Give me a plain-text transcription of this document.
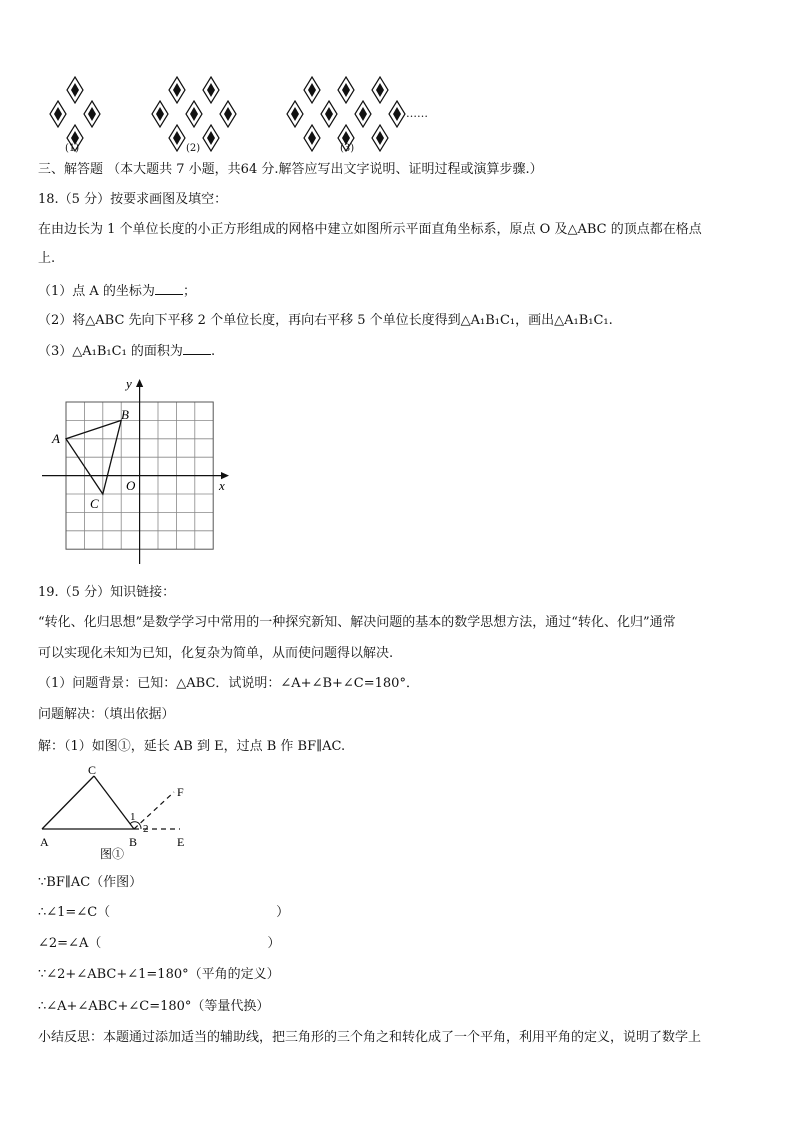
(1)	(2)	(3)
……
三、解答题 （本大题共 7 小题，共64 分.解答应写出文字说明、证明过程或演算步骤.）
18.（5 分）按要求画图及填空：
在由边长为 1 个单位长度的小正方形组成的网格中建立如图所示平面直角坐标系，原点 O 及△ABC 的顶点都在格点
上.
（1）点 A 的坐标为 ；
（2）将△ABC 先向下平移 2 个单位长度，再向右平移 5 个单位长度得到△A₁B₁C₁，画出△A₁B₁C₁.
（3）△A₁B₁C₁ 的面积为 .
A
B
C
O	x
y
19.（5 分）知识链接：
“转化、化归思想”是数学学习中常用的一种探究新知、解决问题的基本的数学思想方法，通过“转化、化归”通常
可以实现化未知为已知，化复杂为简单，从而使问题得以解决.
（1）问题背景：已知：△ABC．试说明：∠A+∠B+∠C=180°．
问题解决：（填出依据）
解：（1）如图①，延长 AB 到 E，过点 B 作 BF∥AC.
C
A	B	E
F
1
2
图①
∵BF∥AC（作图）
∴∠1=∠C（	）
∠2=∠A（	）
∵∠2+∠ABC+∠1=180°（平角的定义）
∴∠A+∠ABC+∠C=180°（等量代换）
小结反思：本题通过添加适当的辅助线，把三角形的三个角之和转化成了一个平角，利用平角的定义，说明了数学上
